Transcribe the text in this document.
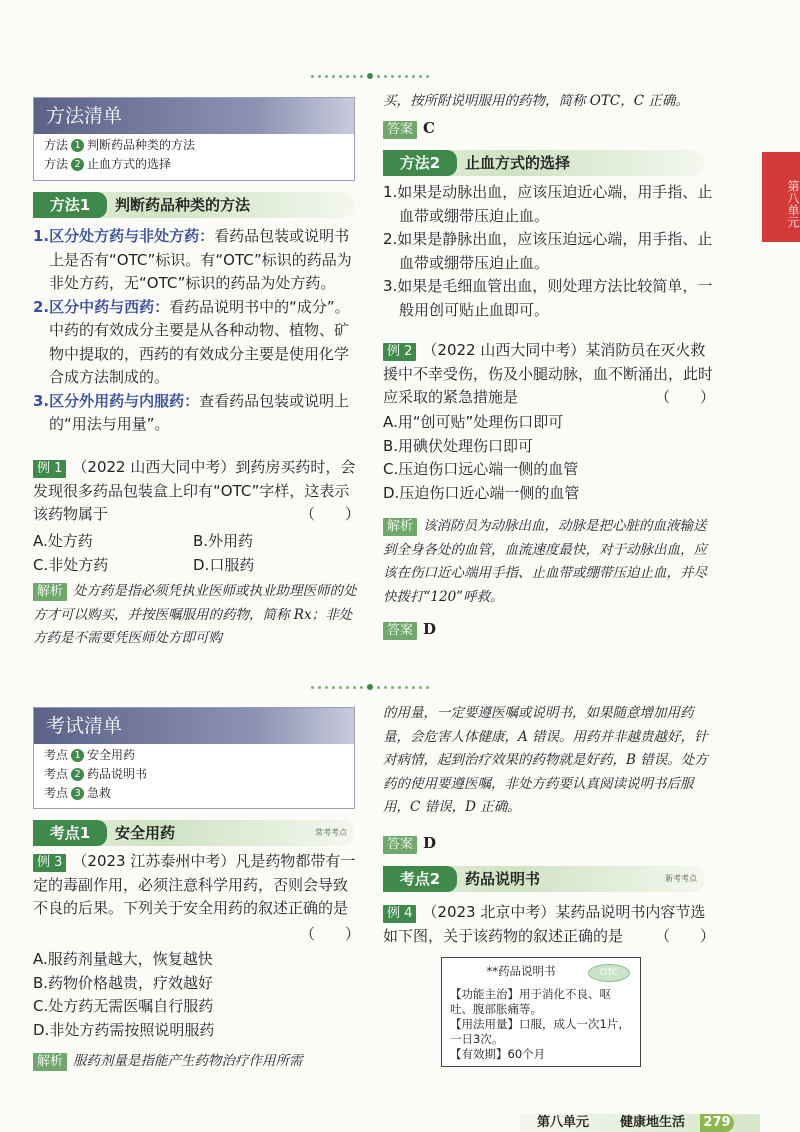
第八单元
方法清单
方法 1 判断药品种类的方法
方法 2 止血方式的选择
方法1	判断药品种类的方法
1.区分处方药与非处方药：看药品包装或说明书上是否有“OTC”标识。有“OTC”标识的药品为非处方药，无“OTC”标识的药品为处方药。
2.区分中药与西药：看药品说明书中的“成分”。中药的有效成分主要是从各种动物、植物、矿物中提取的，西药的有效成分主要是使用化学合成方法制成的。
3.区分外用药与内服药：查看药品包装或说明上的“用法与用量”。
例 1 （2022 山西大同中考）到药房买药时，会发现很多药品包装盒上印有“OTC”字样，这表示该药物属于	（　　）
A.处方药	B.外用药
C.非处方药	D.口服药
解析 处方药是指必须凭执业医师或执业助理医师的处方才可以购买，并按医嘱服用的药物，简称 Rx；非处方药是不需要凭医师处方即可购
买，按所附说明服用的药物，简称 OTC，C 正确。
答案 C
方法2	止血方式的选择
1.如果是动脉出血，应该压迫近心端，用手指、止血带或绷带压迫止血。
2.如果是静脉出血，应该压迫远心端，用手指、止血带或绷带压迫止血。
3.如果是毛细血管出血，则处理方法比较简单，一般用创可贴止血即可。
例 2 （2022 山西大同中考）某消防员在灭火救援中不幸受伤，伤及小腿动脉，血不断涌出，此时应采取的紧急措施是	（　　）
A.用“创可贴”处理伤口即可
B.用碘伏处理伤口即可
C.压迫伤口远心端一侧的血管
D.压迫伤口近心端一侧的血管
解析 该消防员为动脉出血，动脉是把心脏的血液输送到全身各处的血管，血流速度最快，对于动脉出血，应该在伤口近心端用手指、止血带或绷带压迫止血，并尽快拨打“120”呼救。
答案 D
考试清单
考点 1 安全用药
考点 2 药品说明书
考点 3 急救
考点1	安全用药	常考考点
例 3 （2023 江苏泰州中考）凡是药物都带有一定的毒副作用，必须注意科学用药，否则会导致不良的后果。下列关于安全用药的叙述正确的是
（　　）
A.服药剂量越大，恢复越快
B.药物价格越贵，疗效越好
C.处方药无需医嘱自行服药
D.非处方药需按照说明服药
解析 服药剂量是指能产生药物治疗作用所需
的用量，一定要遵医嘱或说明书，如果随意增加用药量，会危害人体健康，A 错误。用药并非越贵越好，针对病情，起到治疗效果的药物就是好药，B 错误。处方药的使用要遵医嘱，非处方药要认真阅读说明书后服用，C 错误，D 正确。
答案 D
考点2	药品说明书	新考考点
例 4 （2023 北京中考）某药品说明书内容节选如下图，关于该药物的叙述正确的是	（　　）
**药品说明书	OTC
【功能主治】用于消化不良、呕吐、腹部胀痛等。
【用法用量】口服，成人一次1片，一日3次。
【有效期】60个月
第八单元 健康地生活 279
